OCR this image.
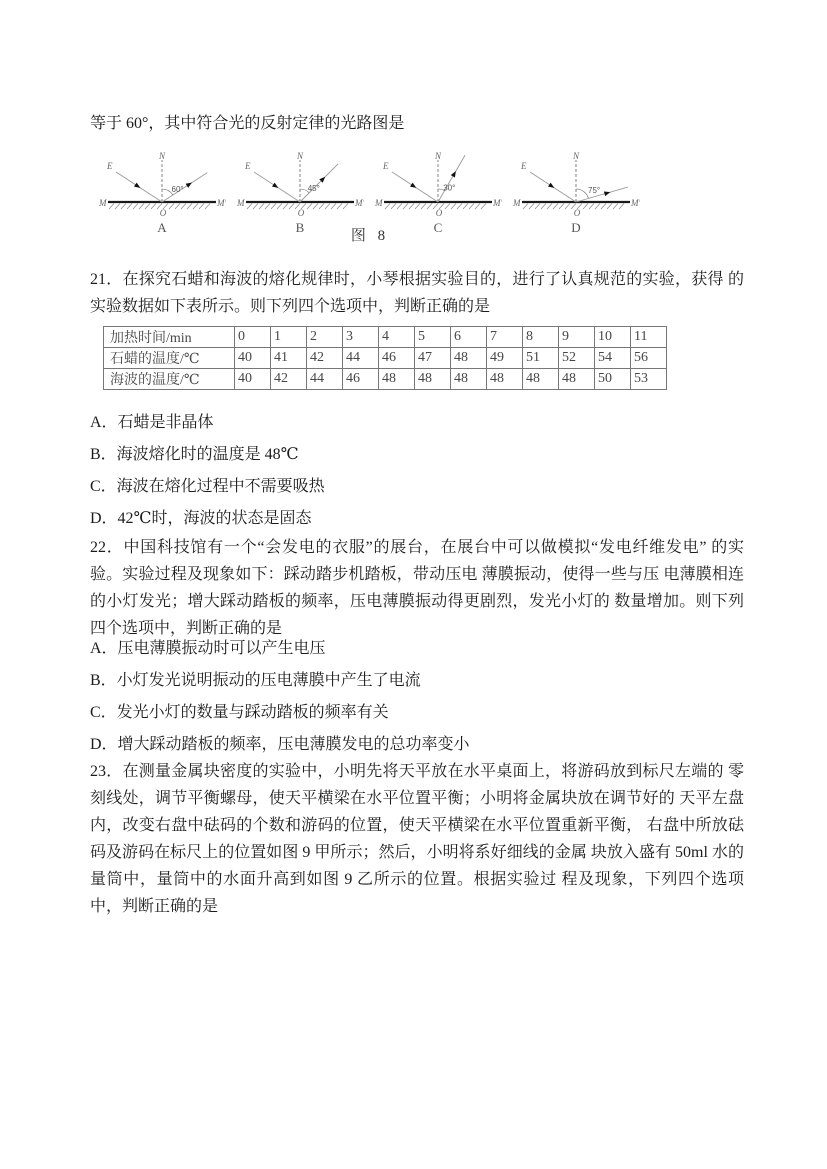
等于 60°，其中符合光的反射定律的光路图是

E
N
M	M′
O
A
60°
E
N
M	M′
O
B
45°
E
N
M	M′
O
C
30°
E
N
M	M′
O
D
75°

图 8

21．在探究石蜡和海波的熔化规律时，小琴根据实验目的，进行了认真规范的实验，获得 的实验数据如下表所示。则下列四个选项中，判断正确的是

加热时间/min	0	1	2	3	4	5	6	7	8	9	10	11
石蜡的温度/℃	40	41	42	44	46	47	48	49	51	52	54	56
海波的温度/℃	40	42	44	46	48	48	48	48	48	48	50	53
A．石蜡是非晶体
B．海波熔化时的温度是 48℃
C．海波在熔化过程中不需要吸热
D．42℃时，海波的状态是固态

22．中国科技馆有一个“会发电的衣服”的展台，在展台中可以做模拟“发电纤维发电” 的实验。实验过程及现象如下：踩动踏步机踏板，带动压电 薄膜振动，使得一些与压 电薄膜相连的小灯发光；增大踩动踏板的频率，压电薄膜振动得更剧烈，发光小灯的 数量增加。则下列四个选项中，判断正确的是

A．压电薄膜振动时可以产生电压
B．小灯发光说明振动的压电薄膜中产生了电流
C．发光小灯的数量与踩动踏板的频率有关
D．增大踩动踏板的频率，压电薄膜发电的总功率变小

23．在测量金属块密度的实验中，小明先将天平放在水平桌面上，将游码放到标尺左端的 零刻线处，调节平衡螺母，使天平横梁在水平位置平衡；小明将金属块放在调节好的 天平左盘内，改变右盘中砝码的个数和游码的位置，使天平横梁在水平位置重新平衡， 右盘中所放砝码及游码在标尺上的位置如图 9 甲所示；然后，小明将系好细线的金属 块放入盛有 50ml 水的量筒中，量筒中的水面升高到如图 9 乙所示的位置。根据实验过 程及现象，下列四个选项中，判断正确的是
